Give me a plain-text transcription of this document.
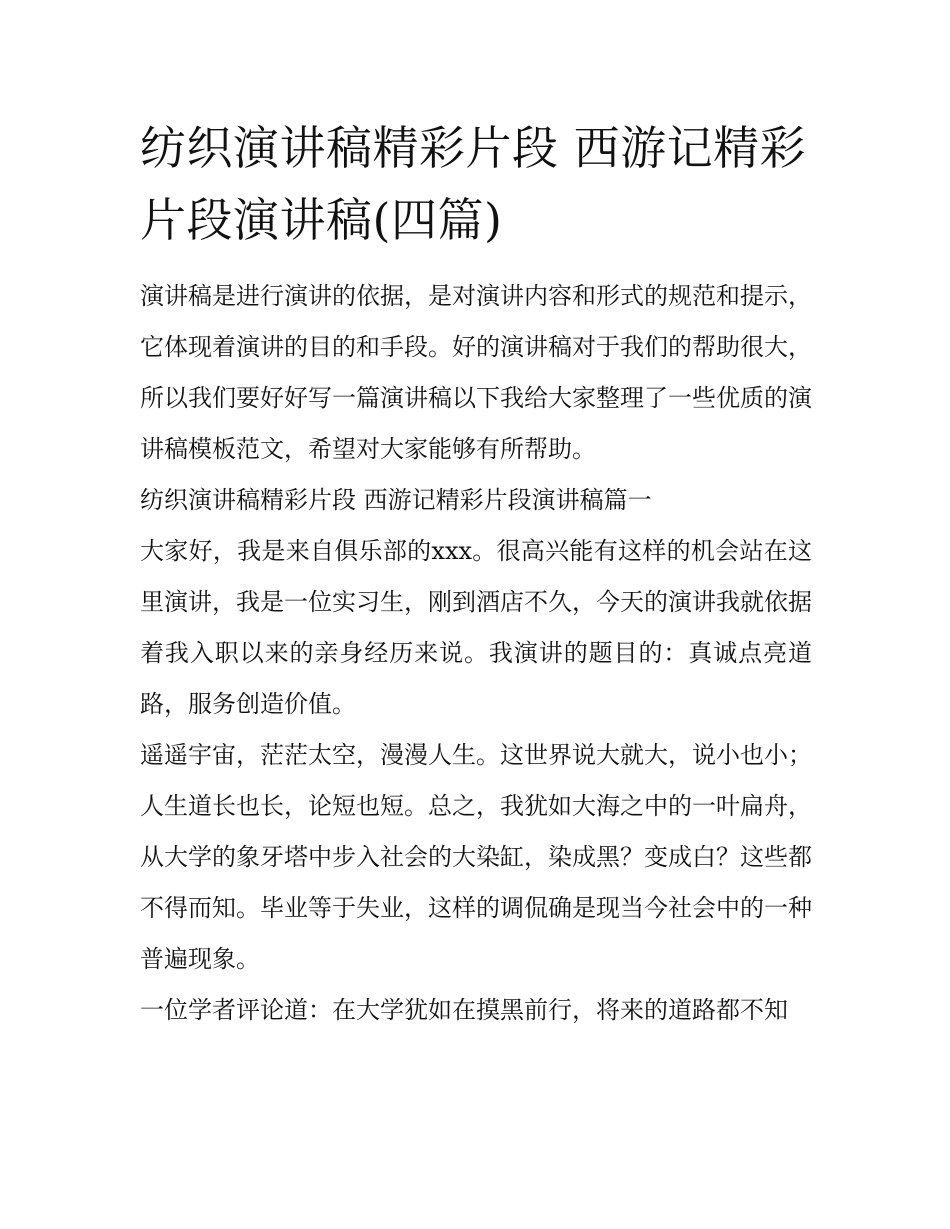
纺织演讲稿精彩片段 西游记精彩片段演讲稿(四篇)

演讲稿是进行演讲的依据，是对演讲内容和形式的规范和提示，它体现着演讲的目的和手段。好的演讲稿对于我们的帮助很大，所以我们要好好写一篇演讲稿以下我给大家整理了一些优质的演讲稿模板范文，希望对大家能够有所帮助。

纺织演讲稿精彩片段 西游记精彩片段演讲稿篇一

大家好，我是来自俱乐部的xxx。很高兴能有这样的机会站在这里演讲，我是一位实习生，刚到酒店不久，今天的演讲我就依据着我入职以来的亲身经历来说。我演讲的题目的：真诚点亮道路，服务创造价值。

遥遥宇宙，茫茫太空，漫漫人生。这世界说大就大，说小也小；

人生道长也长，论短也短。总之，我犹如大海之中的一叶扁舟，从大学的象牙塔中步入社会的大染缸，染成黑？变成白？这些都不得而知。毕业等于失业，这样的调侃确是现当今社会中的一种普遍现象。

一位学者评论道：在大学犹如在摸黑前行，将来的道路都不知
